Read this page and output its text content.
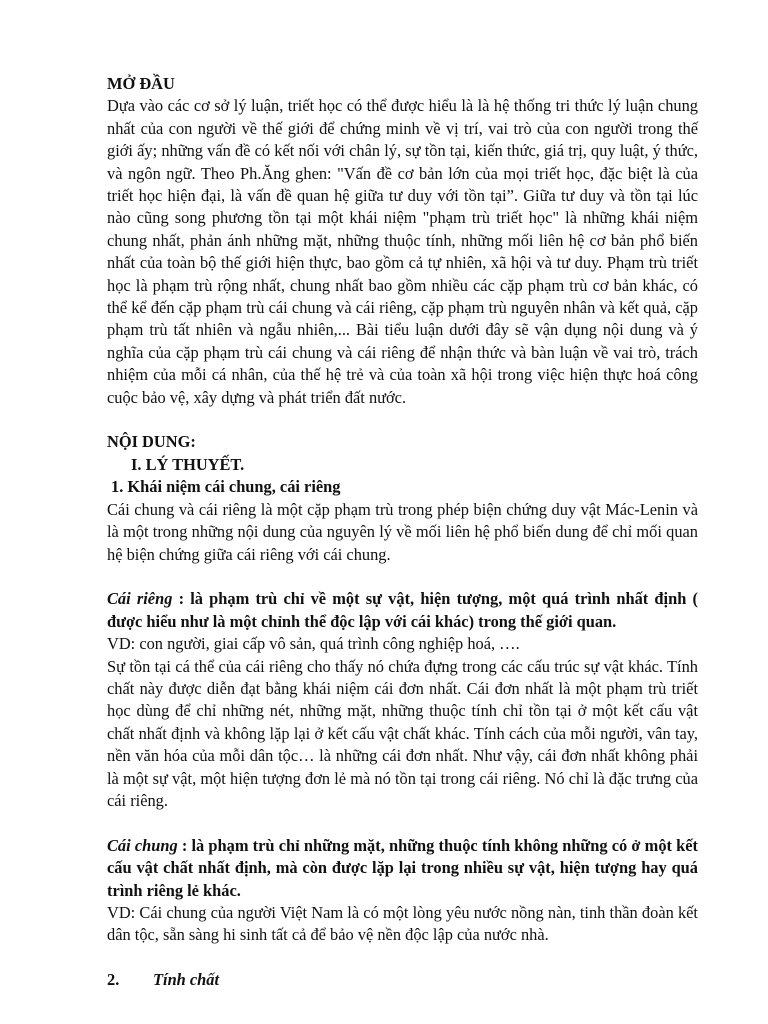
MỞ ĐẦU

Dựa vào các cơ sở lý luận, triết học có thể được hiểu là là hệ thống tri thức lý luận chung nhất của con người về thế giới để chứng minh về vị trí, vai trò của con người trong thế giới ấy; những vấn đề có kết nối với chân lý, sự tồn tại, kiến thức, giá trị, quy luật, ý thức, và ngôn ngữ. Theo Ph.Ăng ghen: "Vấn đề cơ bản lớn của mọi triết học, đặc biệt là của triết học hiện đại, là vấn đề quan hệ giữa tư duy với tồn tại”. Giữa tư duy và tồn tại lúc nào cũng song phương tồn tại một khái niệm "phạm trù triết học" là những khái niệm chung nhất, phản ánh những mặt, những thuộc tính, những mối liên hệ cơ bản phổ biến nhất của toàn bộ thế giới hiện thực, bao gồm cả tự nhiên, xã hội và tư duy. Phạm trù triết học là phạm trù rộng nhất, chung nhất bao gồm nhiều các cặp phạm trù cơ bản khác, có thể kể đến cặp phạm trù cái chung và cái riêng, cặp phạm trù nguyên nhân và kết quả, cặp phạm trù tất nhiên và ngẫu nhiên,... Bài tiểu luận dưới đây sẽ vận dụng nội dung và ý nghĩa của cặp phạm trù cái chung và cái riêng để nhận thức và bàn luận về vai trò, trách nhiệm của mỗi cá nhân, của thế hệ trẻ và của toàn xã hội trong việc hiện thực hoá công cuộc bảo vệ, xây dựng và phát triển đất nước.

NỘI DUNG:

I. LÝ THUYẾT.

1. Khái niệm cái chung, cái riêng

Cái chung và cái riêng là một cặp phạm trù trong phép biện chứng duy vật Mác-Lenin và là một trong những nội dung của nguyên lý về mối liên hệ phổ biến dung để chỉ mối quan hệ biện chứng giữa cái riêng với cái chung.

Cái riêng : là phạm trù chỉ về một sự vật, hiện tượng, một quá trình nhất định ( được hiểu như là một chỉnh thể độc lập với cái khác) trong thế giới quan.

VD: con người, giai cấp vô sản, quá trình công nghiệp hoá, ….

Sự tồn tại cá thể của cái riêng cho thấy nó chứa đựng trong các cấu trúc sự vật khác. Tính chất này được diễn đạt bằng khái niệm cái đơn nhất. Cái đơn nhất là một phạm trù triết học dùng để chỉ những nét, những mặt, những thuộc tính chỉ tồn tại ở một kết cấu vật chất nhất định và không lặp lại ở kết cấu vật chất khác. Tính cách của mỗi người, vân tay, nền văn hóa của mỗi dân tộc… là những cái đơn nhất. Như vậy, cái đơn nhất không phải là một sự vật, một hiện tượng đơn lẻ mà nó tồn tại trong cái riêng. Nó chỉ là đặc trưng của cái riêng.

Cái chung : là phạm trù chỉ những mặt, những thuộc tính không những có ở một kết cấu vật chất nhất định, mà còn được lặp lại trong nhiều sự vật, hiện tượng hay quá trình riêng lẻ khác.

VD: Cái chung của người Việt Nam là có một lòng yêu nước nồng nàn, tinh thần đoàn kết dân tộc, sẵn sàng hi sinh tất cả để bảo vệ nền độc lập của nước nhà.

2.	Tính chất
